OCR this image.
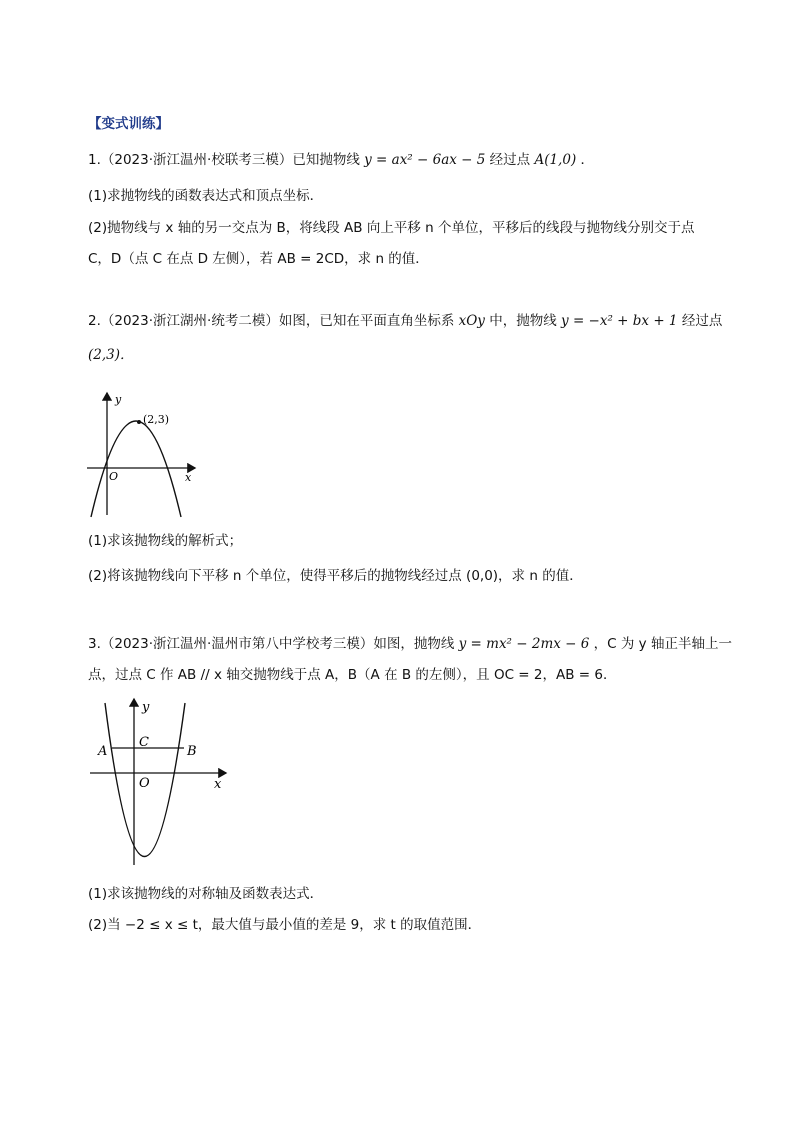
【变式训练】
1.（2023·浙江温州·校联考三模）已知抛物线 y = ax² − 6ax − 5 经过点 A(1,0) ．
(1)求抛物线的函数表达式和顶点坐标．
(2)抛物线与 x 轴的另一交点为 B，将线段 AB 向上平移 n 个单位，平移后的线段与抛物线分别交于点
C，D（点 C 在点 D 左侧），若 AB = 2CD，求 n 的值．
2.（2023·浙江湖州·统考二模）如图，已知在平面直角坐标系 xOy 中，抛物线 y = −x² + bx + 1 经过点
(2,3)．
(2,3)
y
x
O
(1)求该抛物线的解析式；
(2)将该抛物线向下平移 n 个单位，使得平移后的抛物线经过点 (0,0)，求 n 的值．
3.（2023·浙江温州·温州市第八中学校考三模）如图，抛物线 y = mx² − 2mx − 6 ，C 为 y 轴正半轴上一
点，过点 C 作 AB // x 轴交抛物线于点 A，B（A 在 B 的左侧），且 OC = 2，AB = 6．
A	B
C
y
x
O
(1)求该抛物线的对称轴及函数表达式．
(2)当 −2 ≤ x ≤ t，最大值与最小值的差是 9，求 t 的取值范围．
